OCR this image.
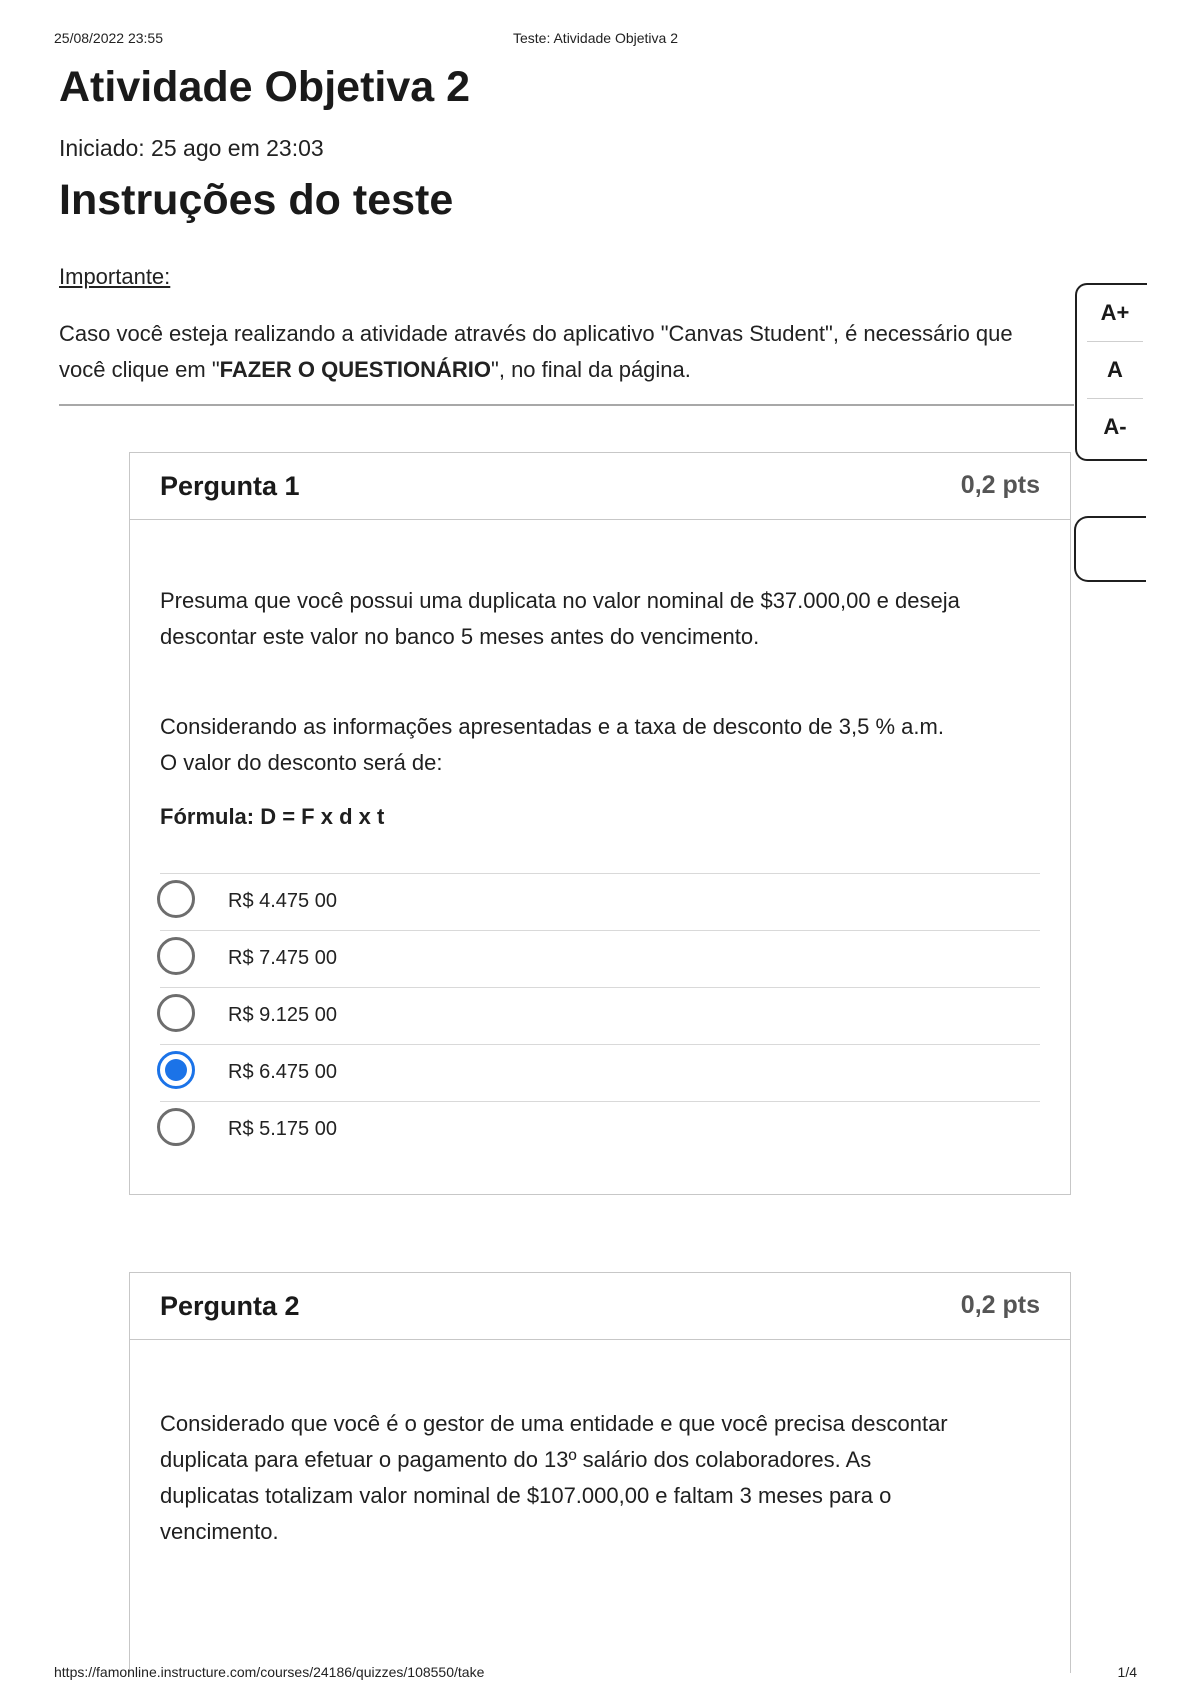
25/08/2022 23:55	Teste: Atividade Objetiva 2
Atividade Objetiva 2
Iniciado: 25 ago em 23:03
Instruções do teste
Importante:
Caso você esteja realizando a atividade através do aplicativo "Canvas Student", é necessário que
você clique em "FAZER O QUESTIONÁRIO", no final da página.
A+
A
A-
Pergunta 1	0,2 pts

Presuma que você possui uma duplicata no valor nominal de $37.000,00 e deseja

descontar este valor no banco 5 meses antes do vencimento.

Considerando as informações apresentadas e a taxa de desconto de 3,5 % a.m.

O valor do desconto será de:

Fórmula: D = F x d x t

R$ 4.475 00
R$ 7.475 00
R$ 9.125 00
R$ 6.475 00
R$ 5.175 00
Pergunta 2	0,2 pts

Considerado que você é o gestor de uma entidade e que você precisa descontar

duplicata para efetuar o pagamento do 13º salário dos colaboradores. As

duplicatas totalizam valor nominal de $107.000,00 e faltam 3 meses para o

vencimento.

https://famonline.instructure.com/courses/24186/quizzes/108550/take	1/4
